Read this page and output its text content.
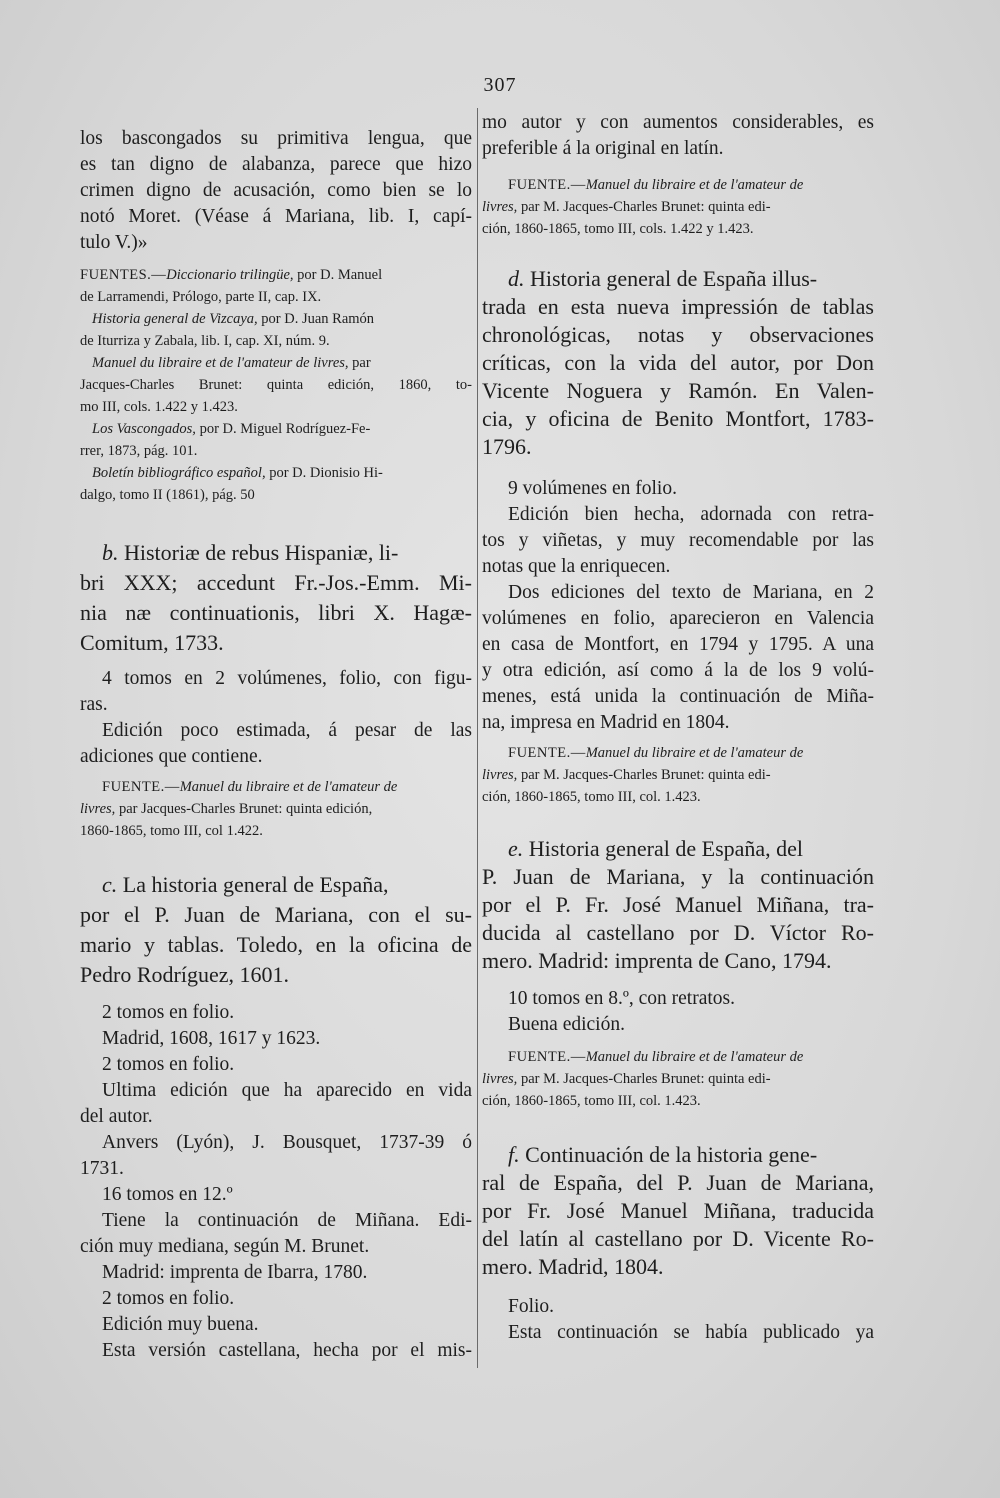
307
los bascongados su primitiva lengua, que
es tan digno de alabanza, parece que hizo
crimen digno de acusación, como bien se lo
notó Moret. (Véase á Mariana, lib. I, capí-
tulo V.)»
FUENTES.—Diccionario trilingüe, por D. Manuel
de Larramendi, Prólogo, parte II, cap. IX.
Historia general de Vizcaya, por D. Juan Ramón
de Iturriza y Zabala, lib. I, cap. XI, núm. 9.
Manuel du libraire et de l'amateur de livres, par
Jacques-Charles Brunet: quinta edición, 1860, to-
mo III, cols. 1.422 y 1.423.
Los Vascongados, por D. Miguel Rodríguez-Fe-
rrer, 1873, pág. 101.
Boletín bibliográfico español, por D. Dionisio Hi-
dalgo, tomo II (1861), pág. 50
b. Historiæ de rebus Hispaniæ, li-
bri XXX; accedunt Fr.-Jos.-Emm. Mi-
nia næ continuationis, libri X. Hagæ-
Comitum, 1733.
4 tomos en 2 volúmenes, folio, con figu-
ras.
Edición poco estimada, á pesar de las
adiciones que contiene.
FUENTE.—Manuel du libraire et de l'amateur de
livres, par Jacques-Charles Brunet: quinta edición,
1860-1865, tomo III, col 1.422.
c. La historia general de España,
por el P. Juan de Mariana, con el su-
mario y tablas. Toledo, en la oficina de
Pedro Rodríguez, 1601.
2 tomos en folio.
Madrid, 1608, 1617 y 1623.
2 tomos en folio.
Ultima edición que ha aparecido en vida
del autor.
Anvers (Lyón), J. Bousquet, 1737-39 ó
1731.
16 tomos en 12.º
Tiene la continuación de Miñana. Edi-
ción muy mediana, según M. Brunet.
Madrid: imprenta de Ibarra, 1780.
2 tomos en folio.
Edición muy buena.
Esta versión castellana, hecha por el mis-
mo autor y con aumentos considerables, es
preferible á la original en latín.
FUENTE.—Manuel du libraire et de l'amateur de
livres, par M. Jacques-Charles Brunet: quinta edi-
ción, 1860-1865, tomo III, cols. 1.422 y 1.423.
d. Historia general de España illus-
trada en esta nueva impressión de tablas
chronológicas, notas y observaciones
críticas, con la vida del autor, por Don
Vicente Noguera y Ramón. En Valen-
cia, y oficina de Benito Montfort, 1783-
1796.
9 volúmenes en folio.
Edición bien hecha, adornada con retra-
tos y viñetas, y muy recomendable por las
notas que la enriquecen.
Dos ediciones del texto de Mariana, en 2
volúmenes en folio, aparecieron en Valencia
en casa de Montfort, en 1794 y 1795. A una
y otra edición, así como á la de los 9 volú-
menes, está unida la continuación de Miña-
na, impresa en Madrid en 1804.
FUENTE.—Manuel du libraire et de l'amateur de
livres, par M. Jacques-Charles Brunet: quinta edi-
ción, 1860-1865, tomo III, col. 1.423.
e. Historia general de España, del
P. Juan de Mariana, y la continuación
por el P. Fr. José Manuel Miñana, tra-
ducida al castellano por D. Víctor Ro-
mero. Madrid: imprenta de Cano, 1794.
10 tomos en 8.º, con retratos.
Buena edición.
FUENTE.—Manuel du libraire et de l'amateur de
livres, par M. Jacques-Charles Brunet: quinta edi-
ción, 1860-1865, tomo III, col. 1.423.
f. Continuación de la historia gene-
ral de España, del P. Juan de Mariana,
por Fr. José Manuel Miñana, traducida
del latín al castellano por D. Vicente Ro-
mero. Madrid, 1804.
Folio.
Esta continuación se había publicado ya
